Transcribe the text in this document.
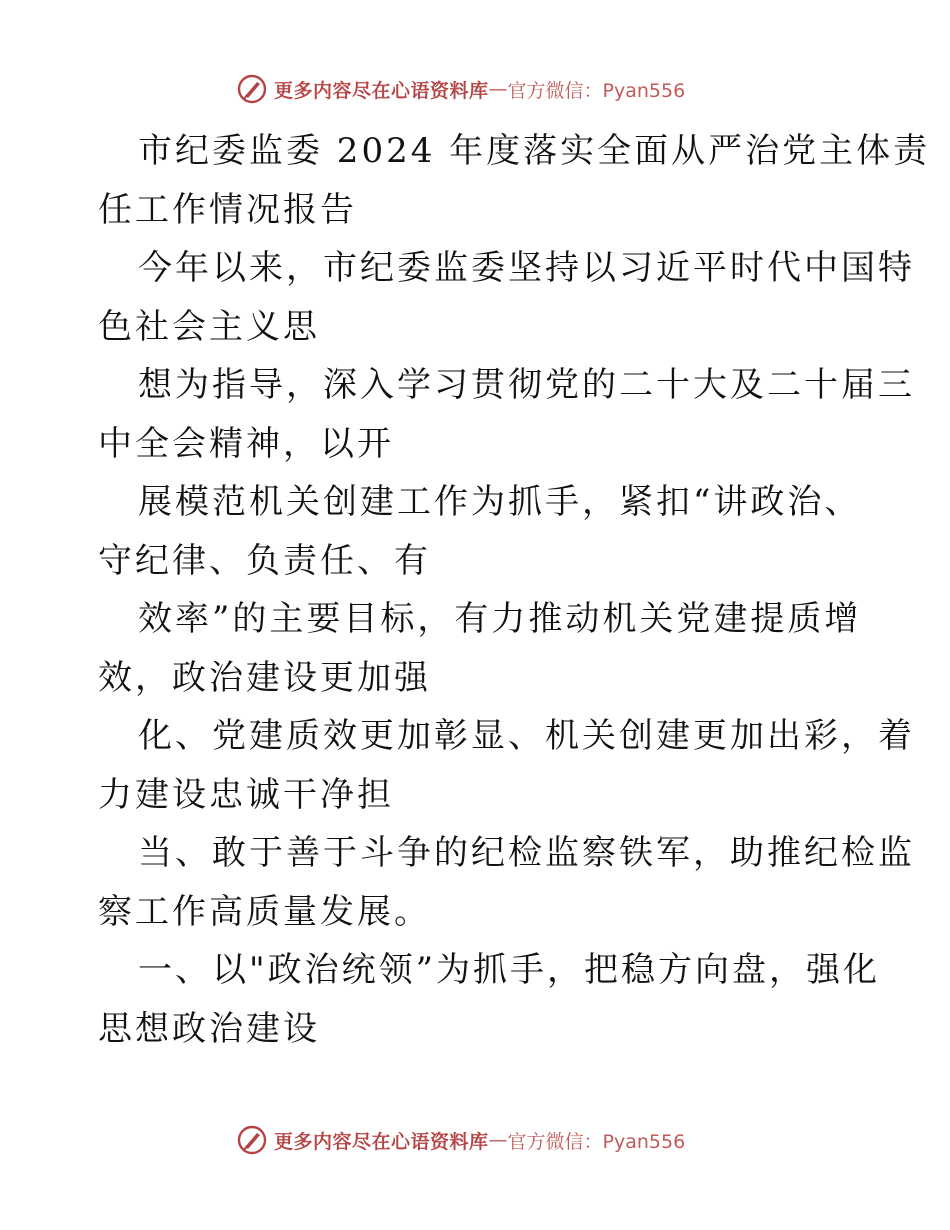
更多内容尽在心语资料库 — 官方微信：Pyan556

市纪委监委 2024 年度落实全面从严治党主体责

任工作情况报告

今年以来，市纪委监委坚持以习近平时代中国特

色社会主义思

想为指导，深入学习贯彻党的二十大及二十届三

中全会精神，以开

展模范机关创建工作为抓手，紧扣“讲政治、

守纪律、负责任、有

效率”的主要目标，有力推动机关党建提质增

效，政治建设更加强

化、党建质效更加彰显、机关创建更加出彩，着

力建设忠诚干净担

当、敢于善于斗争的纪检监察铁军，助推纪检监

察工作高质量发展。

一、以"政治统领”为抓手，把稳方向盘，强化

思想政治建设

更多内容尽在心语资料库 — 官方微信：Pyan556
